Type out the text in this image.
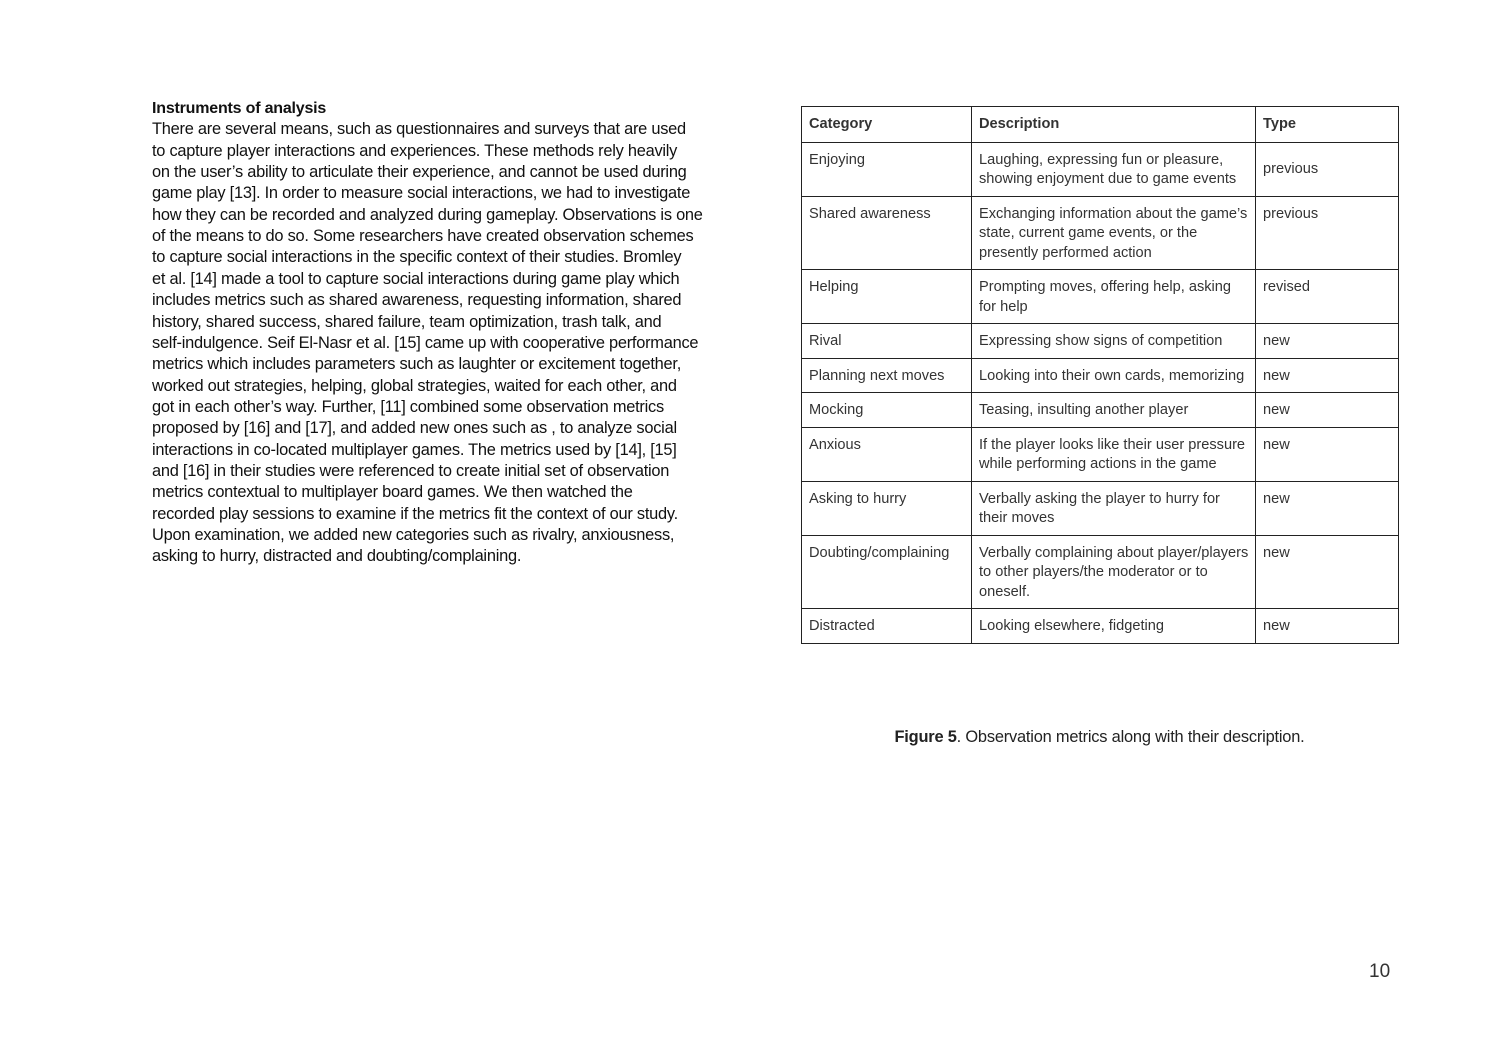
Instruments of analysis

There are several means, such as questionnaires and surveys that are used

to capture player interactions and experiences. These methods rely heavily

on the user’s ability to articulate their experience, and cannot be used during

game play [13]. In order to measure social interactions, we had to investigate

how they can be recorded and analyzed during gameplay. Observations is one

of the means to do so. Some researchers have created observation schemes

to capture social interactions in the specific context of their studies. Bromley

et al. [14] made a tool to capture social interactions during game play which

includes metrics such as shared awareness, requesting information, shared

history, shared success, shared failure, team optimization, trash talk, and

self-indulgence. Seif El-Nasr et al. [15] came up with cooperative performance

metrics which includes parameters such as laughter or excitement together,

worked out strategies, helping, global strategies, waited for each other, and

got in each other’s way. Further, [11] combined some observation metrics

proposed by [16] and [17], and added new ones such as , to analyze social

interactions in co-located multiplayer games. The metrics used by [14], [15]

and [16] in their studies were referenced to create initial set of observation

metrics contextual to multiplayer board games. We then watched the

recorded play sessions to examine if the metrics fit the context of our study.

Upon examination, we added new categories such as rivalry, anxiousness,

asking to hurry, distracted and doubting/complaining.

Category	Description	Type
Enjoying	Laughing, expressing fun or pleasure, showing enjoyment due to game events	previous
Shared awareness	Exchanging information about the game’s state, current game events, or the presently performed action	previous
Helping	Prompting moves, offering help, asking for help	revised
Rival	Expressing show signs of competition	new
Planning next moves	Looking into their own cards, memorizing	new
Mocking	Teasing, insulting another player	new
Anxious	If the player looks like their user pressure while performing actions in the game	new
Asking to hurry	Verbally asking the player to hurry for their moves	new
Doubting/complaining	Verbally complaining about player/players to other players/the moderator or to oneself.	new
Distracted	Looking elsewhere, fidgeting	new
Figure 5. Observation metrics along with their description.
10
